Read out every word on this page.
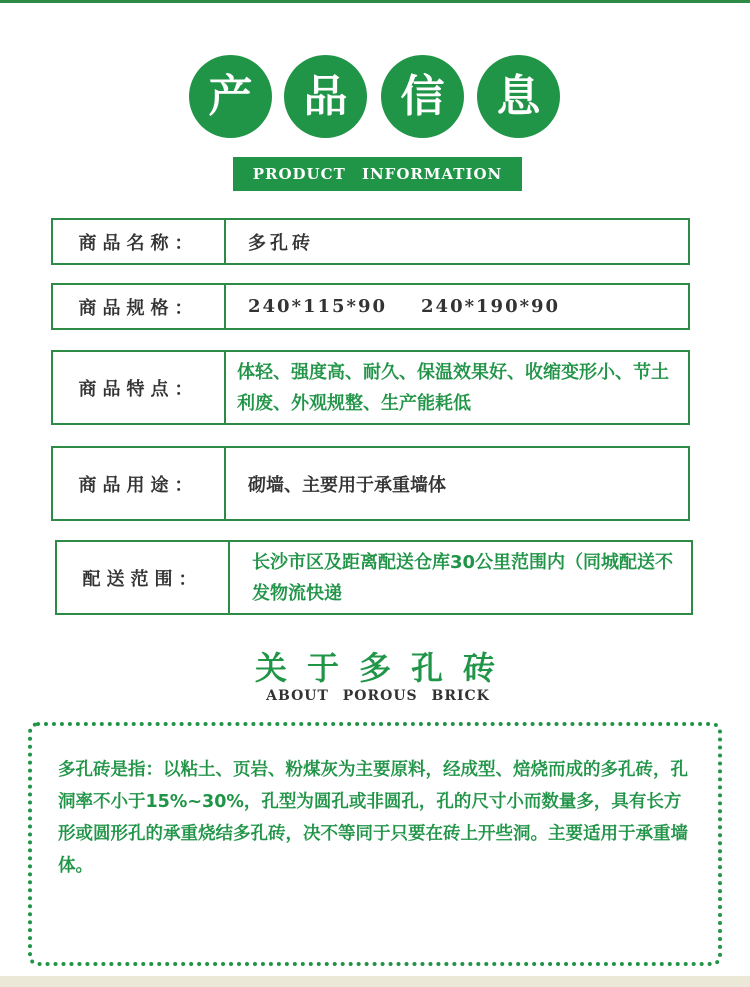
产	品	信	息
PRODUCT INFORMATION
商品名称：	多孔砖
商品规格：	240*115*90 240*190*90
商品特点：
体轻、强度高、耐久、保温效果好、收缩变形小、节土利废、外观规整、生产能耗低
商品用途：	砌墙、主要用于承重墙体
配送范围：
长沙市区及距离配送仓库30公里范围内（同城配送不发物流快递
关于多孔砖
ABOUT POROUS BRICK
多孔砖是指：以粘土、页岩、粉煤灰为主要原料，经成型、焙烧而成的多孔砖，孔洞率不小于15%~30%，孔型为圆孔或非圆孔，孔的尺寸小而数量多，具有长方形或圆形孔的承重烧结多孔砖，决不等同于只要在砖上开些洞。主要适用于承重墙体。
